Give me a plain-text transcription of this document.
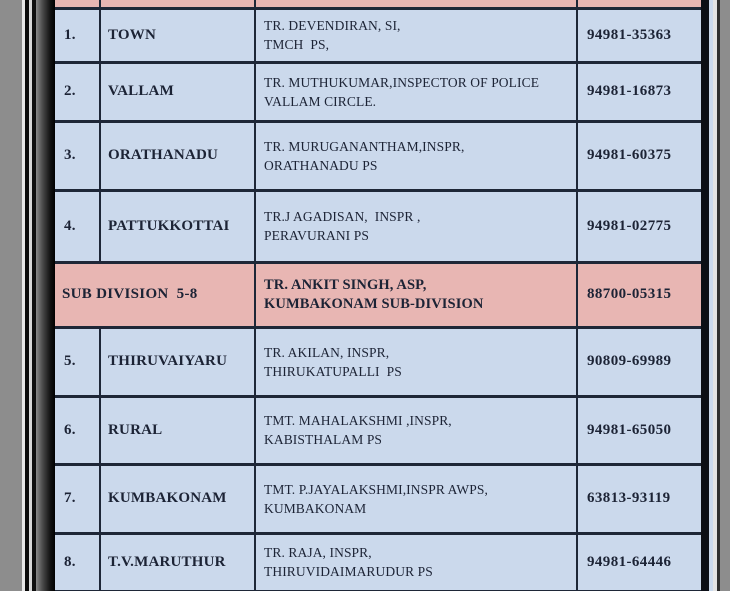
1.	TOWN	TR. DEVENDIRAN, SI,
TMCH  PS,	94981-35363
2.	VALLAM	TR. MUTHUKUMAR,INSPECTOR OF POLICE
VALLAM CIRCLE.	94981-16873
3.	ORATHANADU	TR. MURUGANANTHAM,INSPR,
ORATHANADU PS	94981-60375
4.	PATTUKKOTTAI	TR.J AGADISAN,  INSPR ,
PERAVURANI PS	94981-02775
SUB DIVISION  5-8		TR. ANKIT SINGH, ASP,
KUMBAKONAM SUB-DIVISION	88700-05315
5.	THIRUVAIYARU	TR. AKILAN, INSPR,
THIRUKATUPALLI  PS	90809-69989
6.	RURAL	TMT. MAHALAKSHMI ,INSPR,
KABISTHALAM PS	94981-65050
7.	KUMBAKONAM	TMT. P.JAYALAKSHMI,INSPR AWPS,
KUMBAKONAM	63813-93119
8.	T.V.MARUTHUR	TR. RAJA, INSPR,
THIRUVIDAIMARUDUR PS	94981-64446
